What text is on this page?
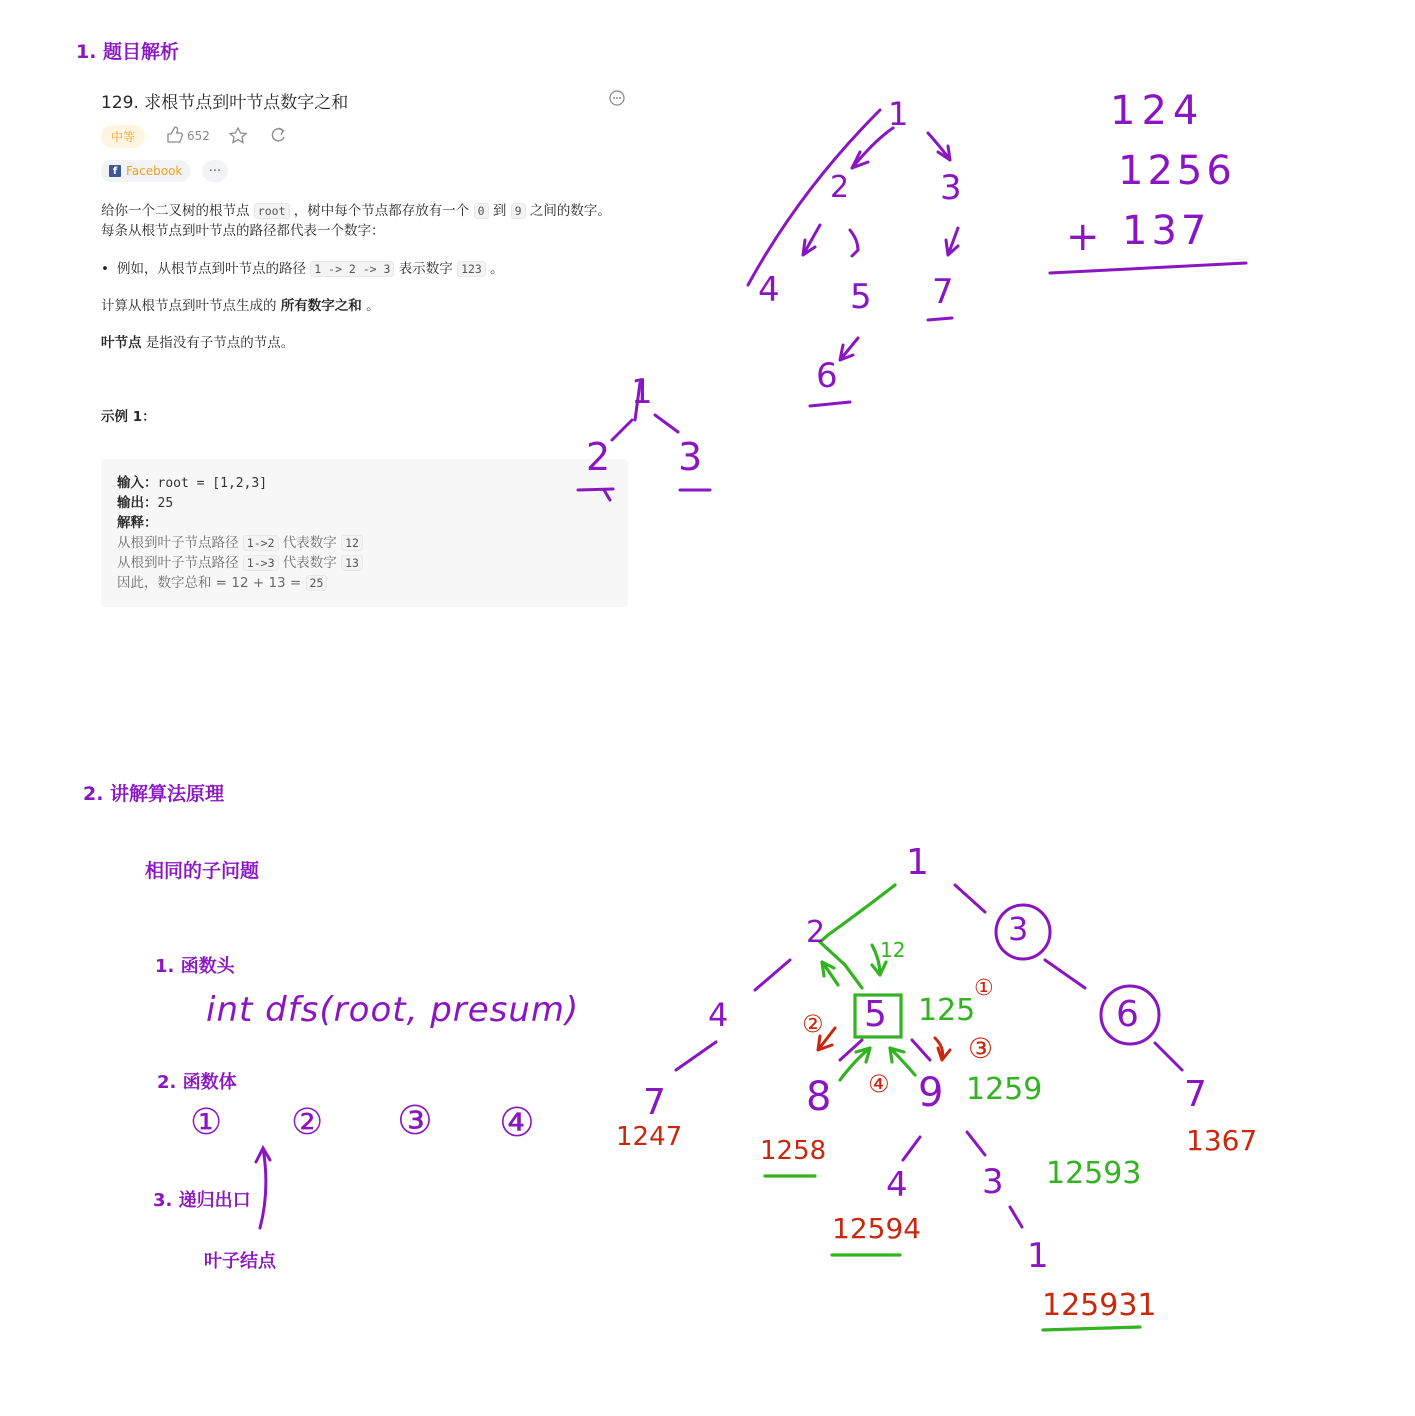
1. 题目解析
129. 求根节点到叶节点数字之和
中等	652
f Facebook	···
给你一个二叉树的根节点 root ，树中每个节点都存放有一个 0 到 9 之间的数字。
每条从根节点到叶节点的路径都代表一个数字：
• 例如，从根节点到叶节点的路径 1 -> 2 -> 3 表示数字 123 。
计算从根节点到叶节点生成的 所有数字之和 。
叶节点 是指没有子节点的节点。
示例 1：
输入：root = [1,2,3]
输出：25
解释：
从根到叶子节点路径 1->2 代表数字 12
从根到叶子节点路径 1->3 代表数字 13
因此，数字总和 = 12 + 13 = 25
2. 讲解算法原理
相同的子问题
1. 函数头
2. 函数体
3. 递归出口
叶子结点
int dfs(root, presum)
① ② ③ ④
1
2	3
4 5 7
6
124
1256
+ 137
1
2 3
1
2	3
4	5	6
7	8 9	7
4 3
1
12
125
1259
12593
1247	1258	1367
12594
125931
①
②
③
④
